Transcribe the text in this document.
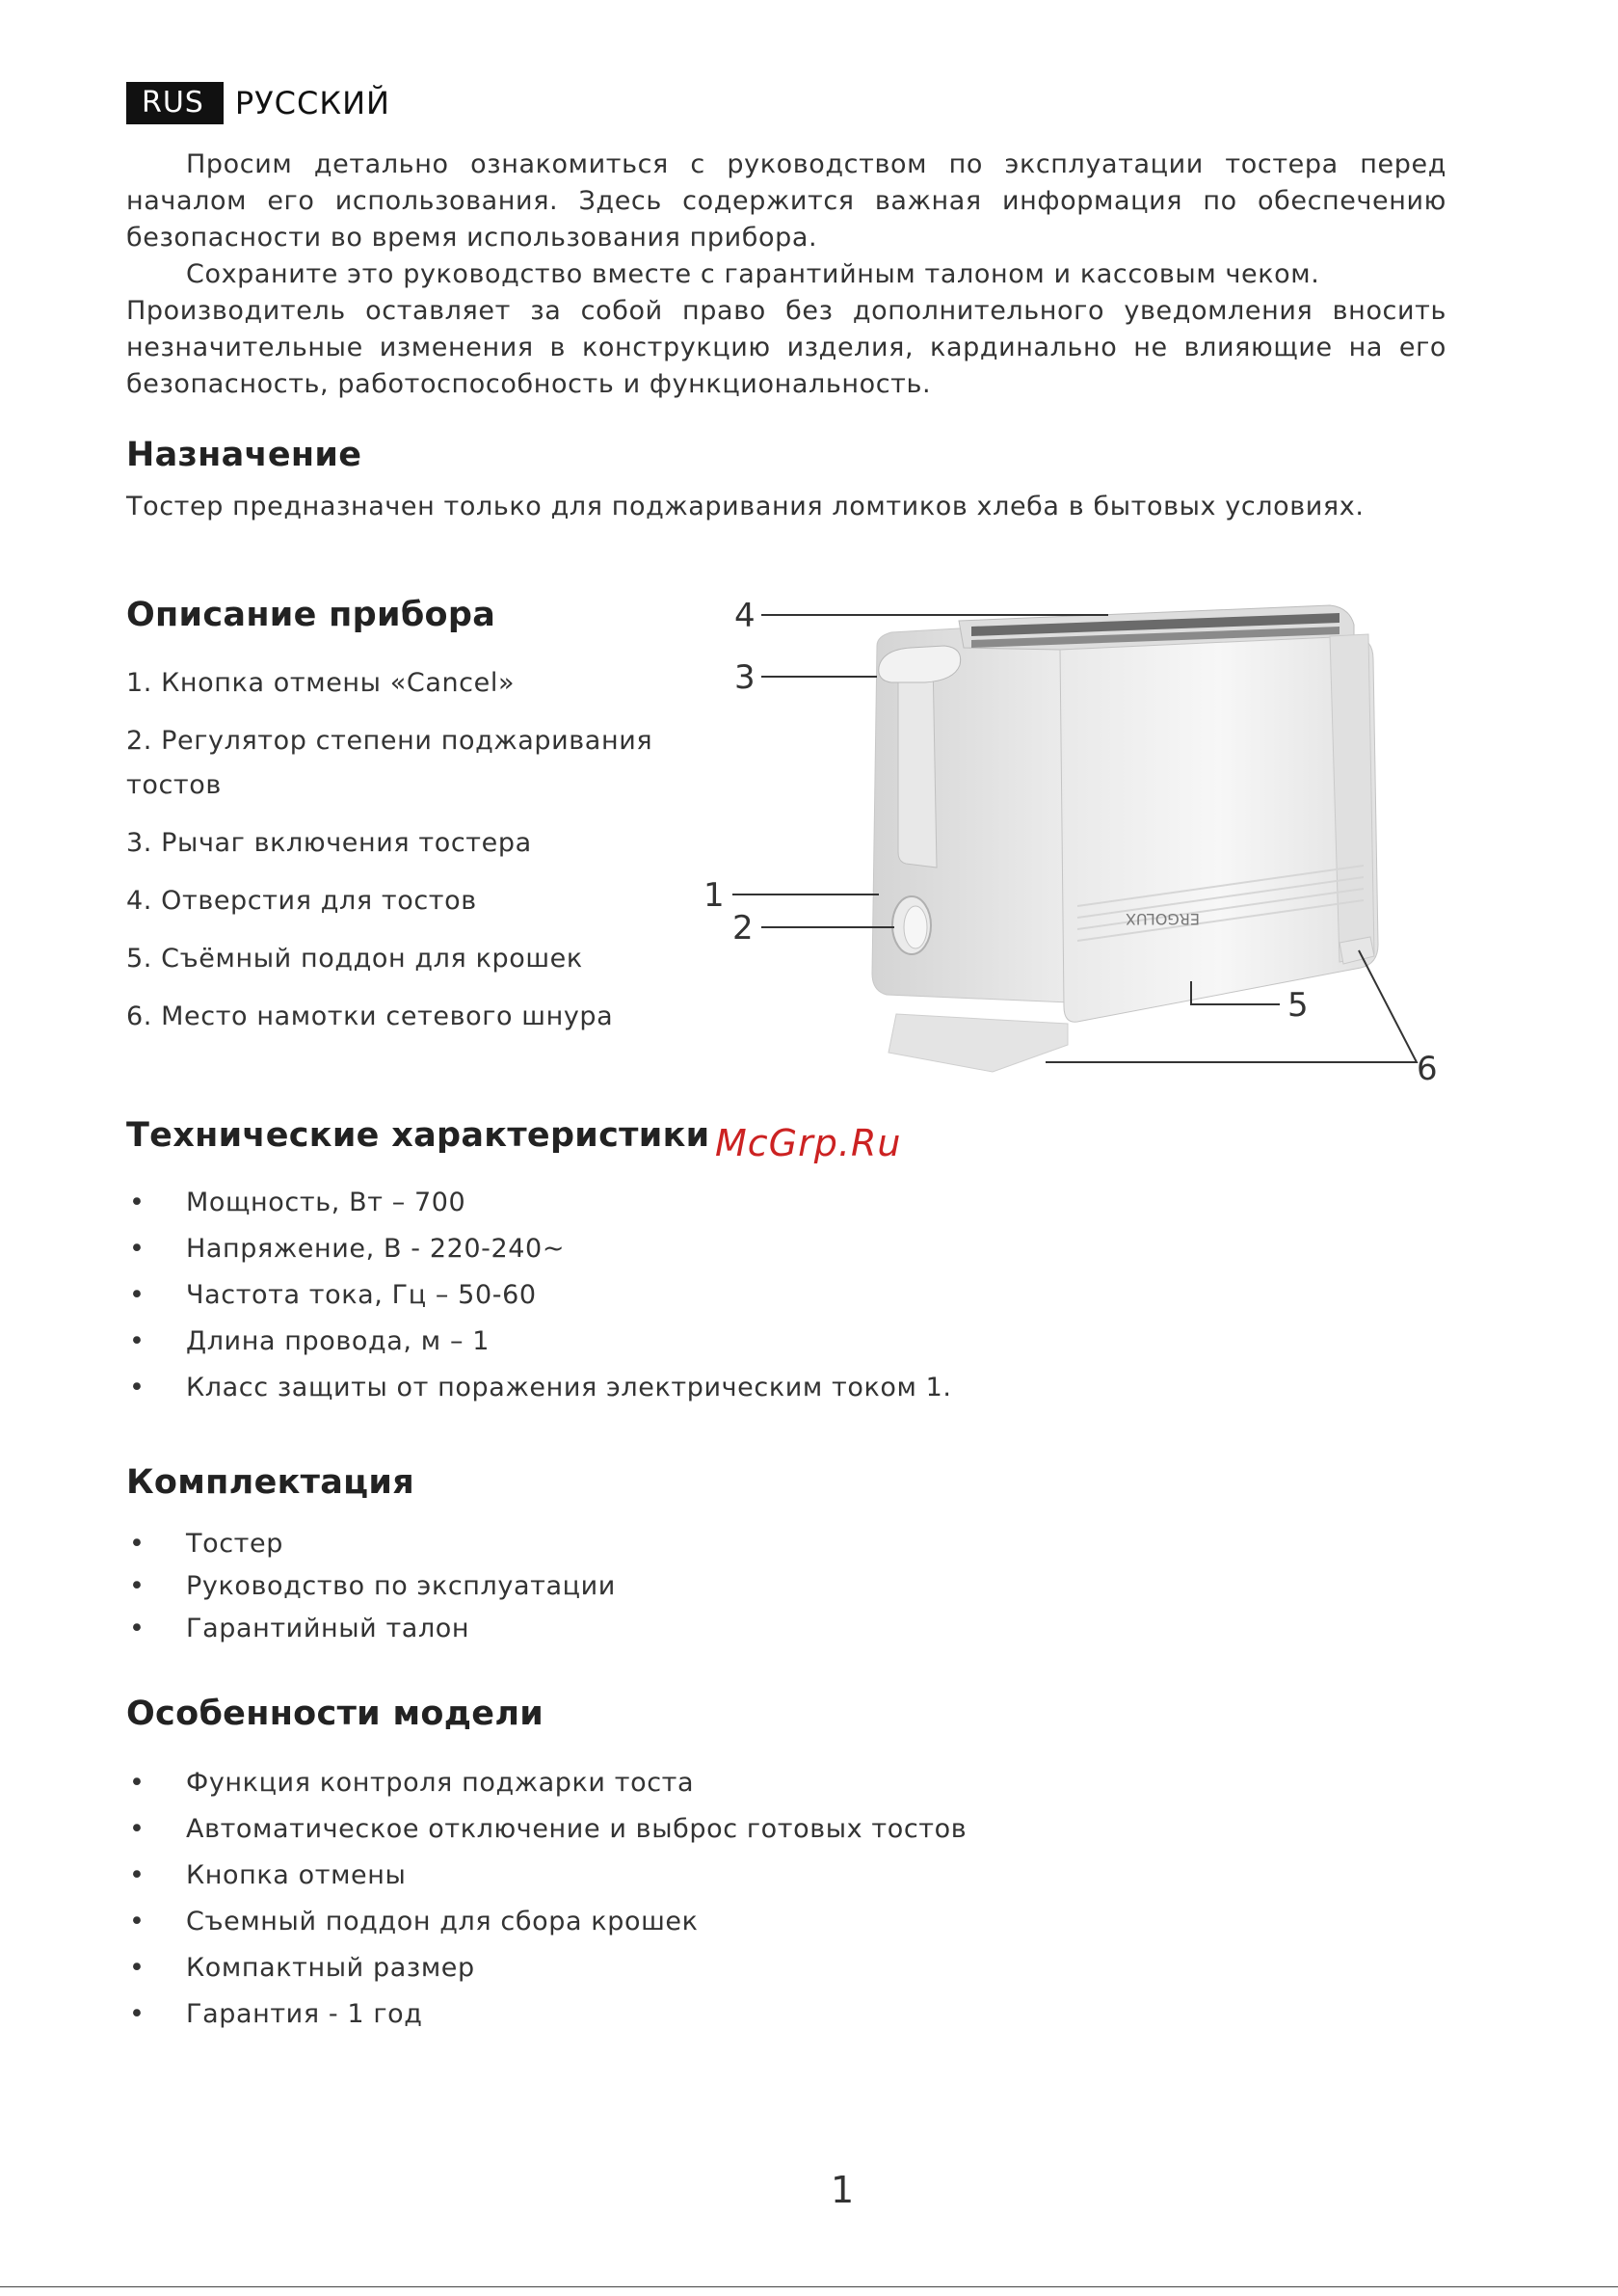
RUS	РУССКИЙ

Просим детально ознакомиться с руководством по эксплуатации тостера перед началом его использования. Здесь содержится важная информация по обеспечению безопасности во время использования прибора.

Сохраните это руководство вместе с гарантийным талоном и кассовым чеком.

Производитель оставляет за собой право без дополнительного уведомления вносить незначительные изменения в конструкцию изделия, кардинально не влияющие на его безопасность, работоспособность и функциональность.

Назначение

Тостер предназначен только для поджаривания ломтиков хлеба в бытовых условиях.

Описание прибора
1. Кнопка отмены «Cancel»
2. Регулятор степени поджаривания тостов
3. Рычаг включения тостера
4. Отверстия для тостов
5. Съёмный поддон для крошек
6. Место намотки сетевого шнура
ERGOLUX
4
3
1
2
5
6
Технические характеристики McGrp.Ru
• Мощность, Вт – 700
• Напряжение, В - 220-240~
• Частота тока, Гц – 50-60
• Длина провода, м – 1
• Класс защиты от поражения электрическим током 1.
Комплектация
• Тостер
• Руководство по эксплуатации
• Гарантийный талон
Особенности модели
• Функция контроля поджарки тоста
• Автоматическое отключение и выброс готовых тостов
• Кнопка отмены
• Съемный поддон для сбора крошек
• Компактный размер
• Гарантия - 1 год
1
